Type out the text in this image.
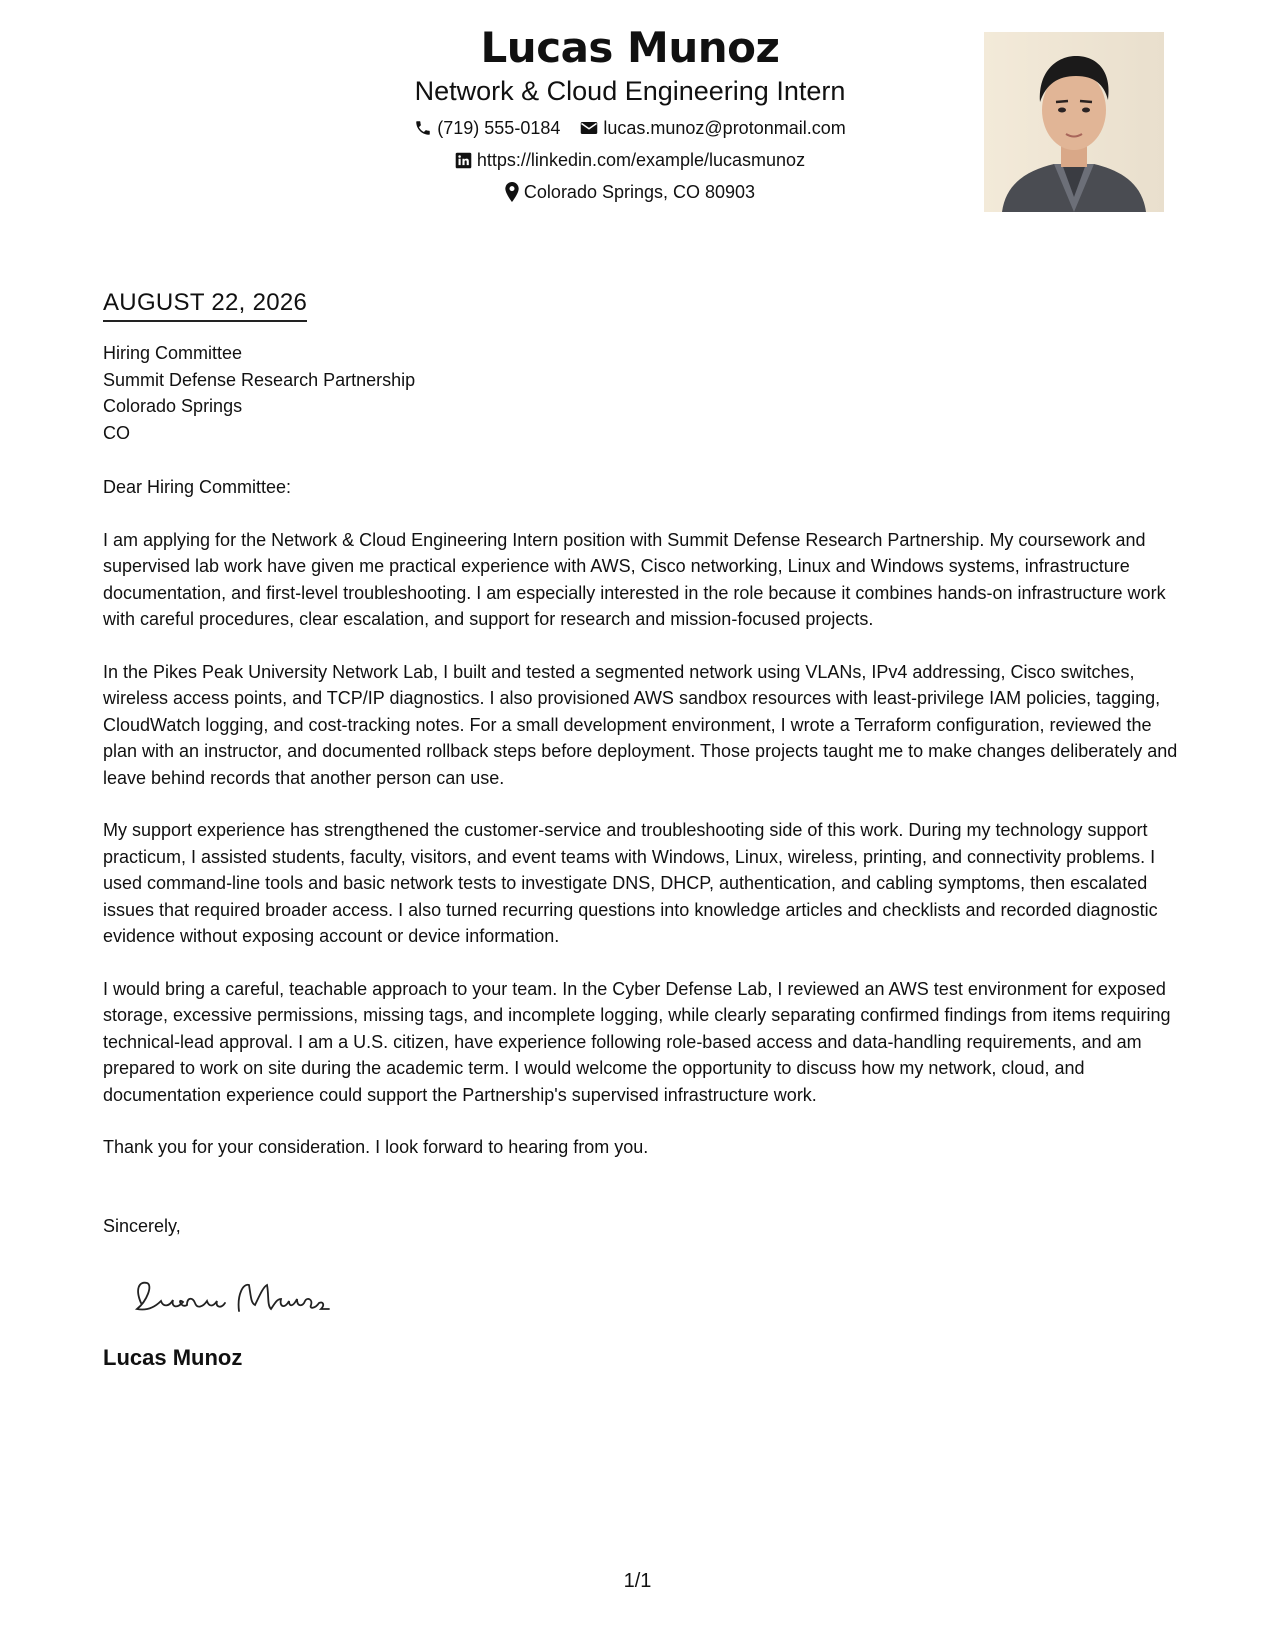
Lucas Munoz
Network & Cloud Engineering Intern
(719) 555-0184 lucas.munoz@protonmail.com
https://linkedin.com/example/lucasmunoz
Colorado Springs, CO 80903
AUGUST 22, 2026
Hiring Committee
Summit Defense Research Partnership
Colorado Springs
CO
Dear Hiring Committee:

I am applying for the Network & Cloud Engineering Intern position with Summit Defense Research Partnership. My coursework and supervised lab work have given me practical experience with AWS, Cisco networking, Linux and Windows systems, infrastructure documentation, and first-level troubleshooting. I am especially interested in the role because it combines hands-on infrastructure work with careful procedures, clear escalation, and support for research and mission-focused projects.

In the Pikes Peak University Network Lab, I built and tested a segmented network using VLANs, IPv4 addressing, Cisco switches, wireless access points, and TCP/IP diagnostics. I also provisioned AWS sandbox resources with least-privilege IAM policies, tagging, CloudWatch logging, and cost-tracking notes. For a small development environment, I wrote a Terraform configuration, reviewed the plan with an instructor, and documented rollback steps before deployment. Those projects taught me to make changes deliberately and leave behind records that another person can use.

My support experience has strengthened the customer-service and troubleshooting side of this work. During my technology support practicum, I assisted students, faculty, visitors, and event teams with Windows, Linux, wireless, printing, and connectivity problems. I used command-line tools and basic network tests to investigate DNS, DHCP, authentication, and cabling symptoms, then escalated issues that required broader access. I also turned recurring questions into knowledge articles and checklists and recorded diagnostic evidence without exposing account or device information.

I would bring a careful, teachable approach to your team. In the Cyber Defense Lab, I reviewed an AWS test environment for exposed storage, excessive permissions, missing tags, and incomplete logging, while clearly separating confirmed findings from items requiring technical-lead approval. I am a U.S. citizen, have experience following role-based access and data-handling requirements, and am prepared to work on site during the academic term. I would welcome the opportunity to discuss how my network, cloud, and documentation experience could support the Partnership's supervised infrastructure work.

Thank you for your consideration. I look forward to hearing from you.

Sincerely,
Lucas Munoz
1/1
